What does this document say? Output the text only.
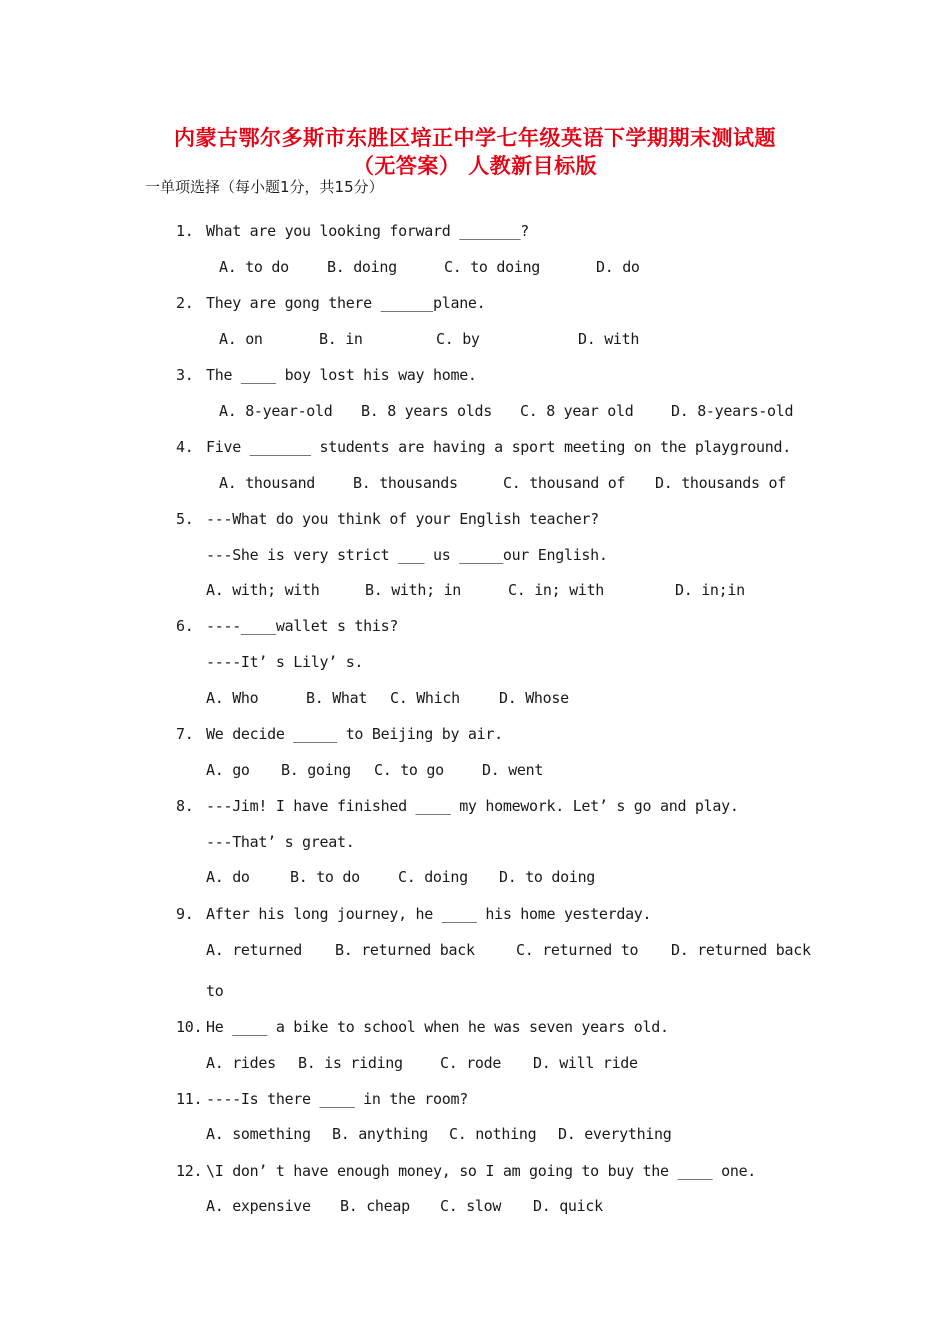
内蒙古鄂尔多斯市东胜区培正中学七年级英语下学期期末测试题
（无答案） 人教新目标版
一单项选择（每小题1分，共15分）
1. What are you looking forward _______?
A. to do	B. doing	C. to doing	D. do
2. They are gong there ______plane.
A. on	B. in	C. by	D. with
3. The ____ boy lost his way home.
A. 8-year-old B. 8 years olds C. 8 year old D. 8-years-old
4. Five _______ students are having a sport meeting on the playground.
A. thousand	B. thousands	C. thousand of D. thousands of
5. ---What do you think of your English teacher?
---She is very strict ___ us _____our English.
A. with; with	B. with; in	C. in; with	D. in;in
6. ----____wallet s this?
----It’ s Lily’ s.
A. Who	B. What C. Which	D. Whose
7. We decide _____ to Beijing by air.
A. go B. going C. to go	D. went
8. ---Jim! I have finished ____ my homework. Let’ s go and play.
---That’ s great.
A. do	B. to do	C. doing D. to doing
9. After his long journey, he ____ his home yesterday.
A. returned B. returned back	C. returned to D. returned back
to
10. He ____ a bike to school when he was seven years old.
A. rides B. is riding C. rode D. will ride
11. ----Is there ____ in the room?
A. something B. anything C. nothing D. everything
12. \I don’ t have enough money, so I am going to buy the ____ one.
A. expensive B. cheap C. slow D. quick
